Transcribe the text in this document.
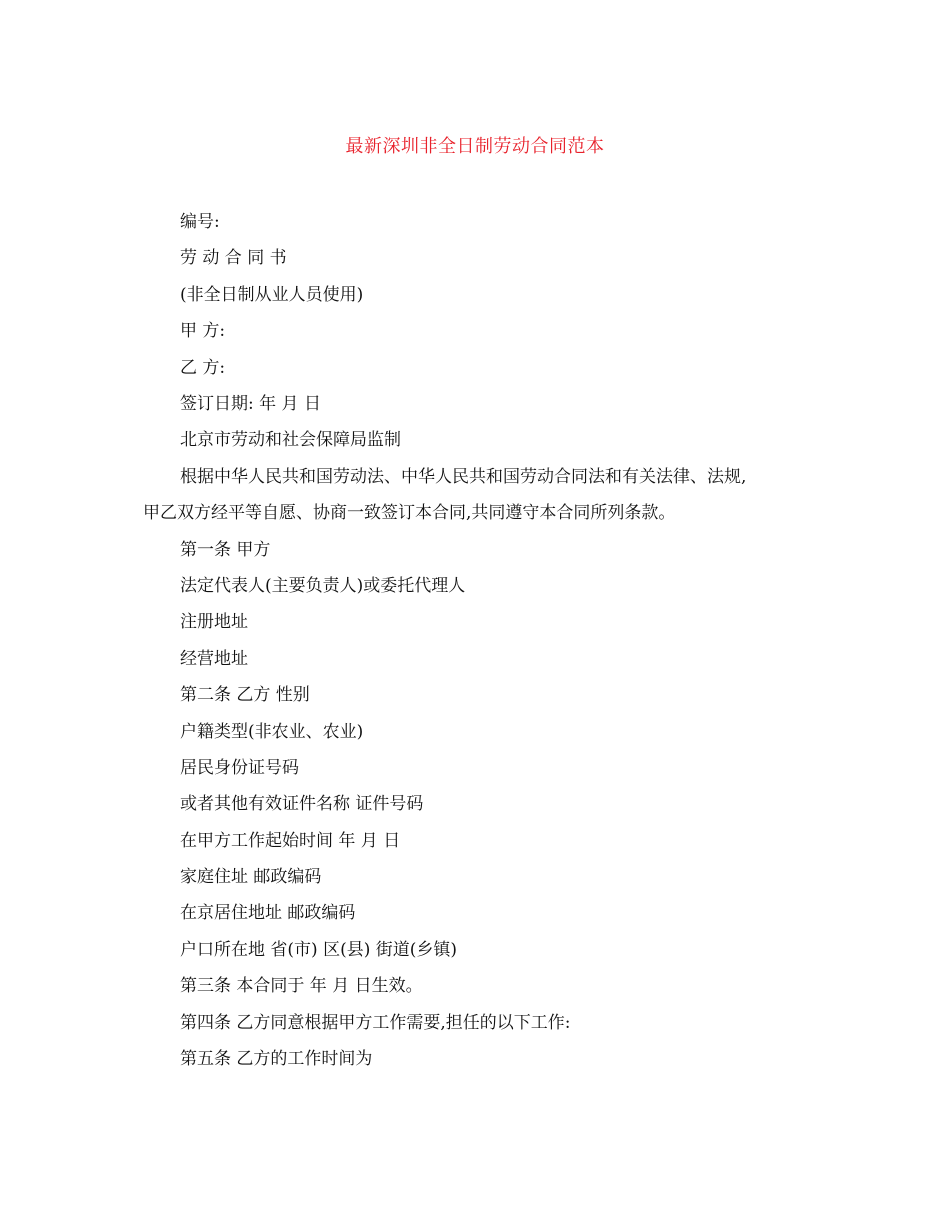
最新深圳非全日制劳动合同范本
编号:
劳 动 合 同 书
(非全日制从业人员使用)
甲 方:
乙 方:
签订日期: 年 月 日
北京市劳动和社会保障局监制
根据中华人民共和国劳动法、中华人民共和国劳动合同法和有关法律、法规,
甲乙双方经平等自愿、协商一致签订本合同,共同遵守本合同所列条款。
第一条 甲方
法定代表人(主要负责人)或委托代理人
注册地址
经营地址
第二条 乙方 性别
户籍类型(非农业、农业)
居民身份证号码
或者其他有效证件名称 证件号码
在甲方工作起始时间 年 月 日
家庭住址 邮政编码
在京居住地址 邮政编码
户口所在地 省(市) 区(县) 街道(乡镇)
第三条 本合同于 年 月 日生效。
第四条 乙方同意根据甲方工作需要,担任的以下工作:
第五条 乙方的工作时间为
